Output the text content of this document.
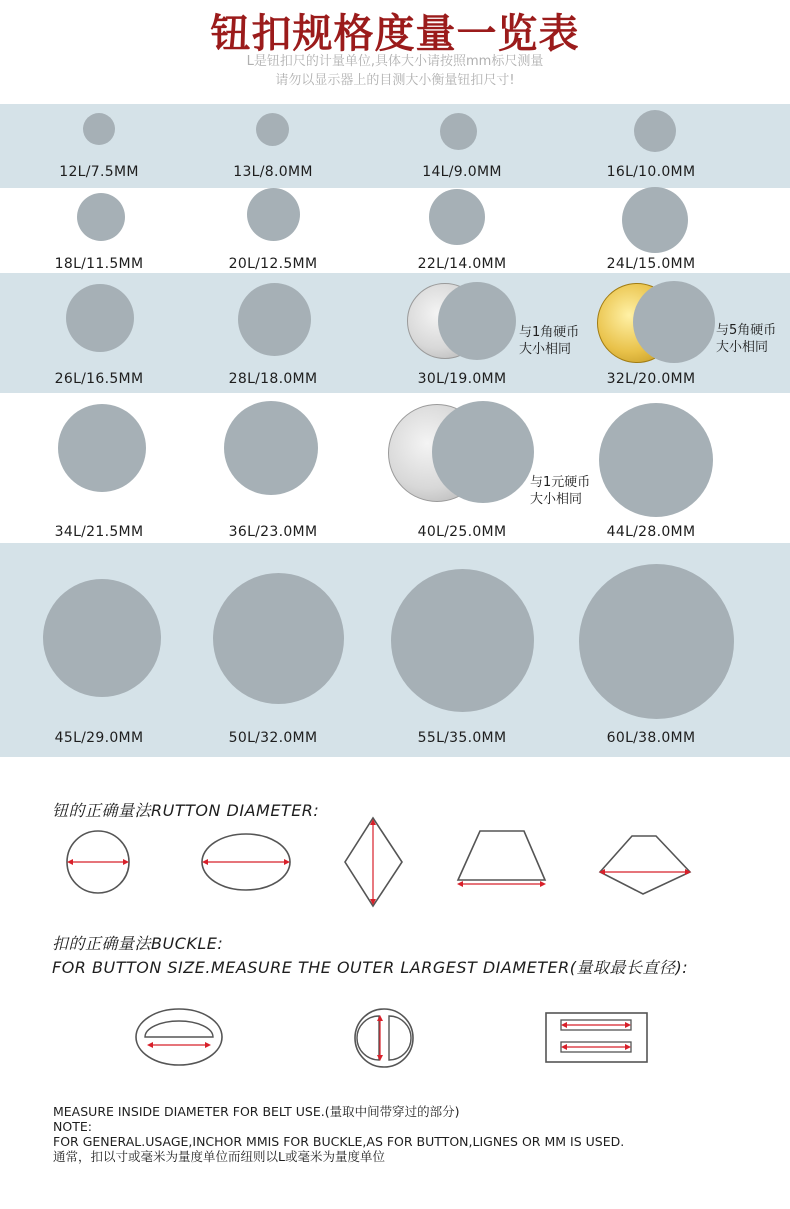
钮扣规格度量一览表
L是钮扣尺的计量单位,具体大小请按照mm标尺测量
请勿以显示器上的目测大小衡量钮扣尺寸!
12L/7.5MM	13L/8.0MM	14L/9.0MM	16L/10.0MM
18L/11.5MM	20L/12.5MM	22L/14.0MM	24L/15.0MM
26L/16.5MM	28L/18.0MM	30L/19.0MM	32L/20.0MM
34L/21.5MM	36L/23.0MM	40L/25.0MM	44L/28.0MM
45L/29.0MM	50L/32.0MM	55L/35.0MM	60L/38.0MM
与1角硬币
大小相同
与5角硬币
大小相同
与1元硬币
大小相同
钮的正确量法RUTTON DIAMETER:
扣的正确量法BUCKLE:
FOR BUTTON SIZE.MEASURE THE OUTER LARGEST DIAMETER(量取最长直径):
MEASURE INSIDE DIAMETER FOR BELT USE.(量取中间带穿过的部分)
NOTE:
FOR GENERAL.USAGE,INCHOR MMIS FOR BUCKLE,AS FOR BUTTON,LIGNES OR MM IS USED.
通常，扣以寸或毫米为量度单位而纽则以L或毫米为量度单位
